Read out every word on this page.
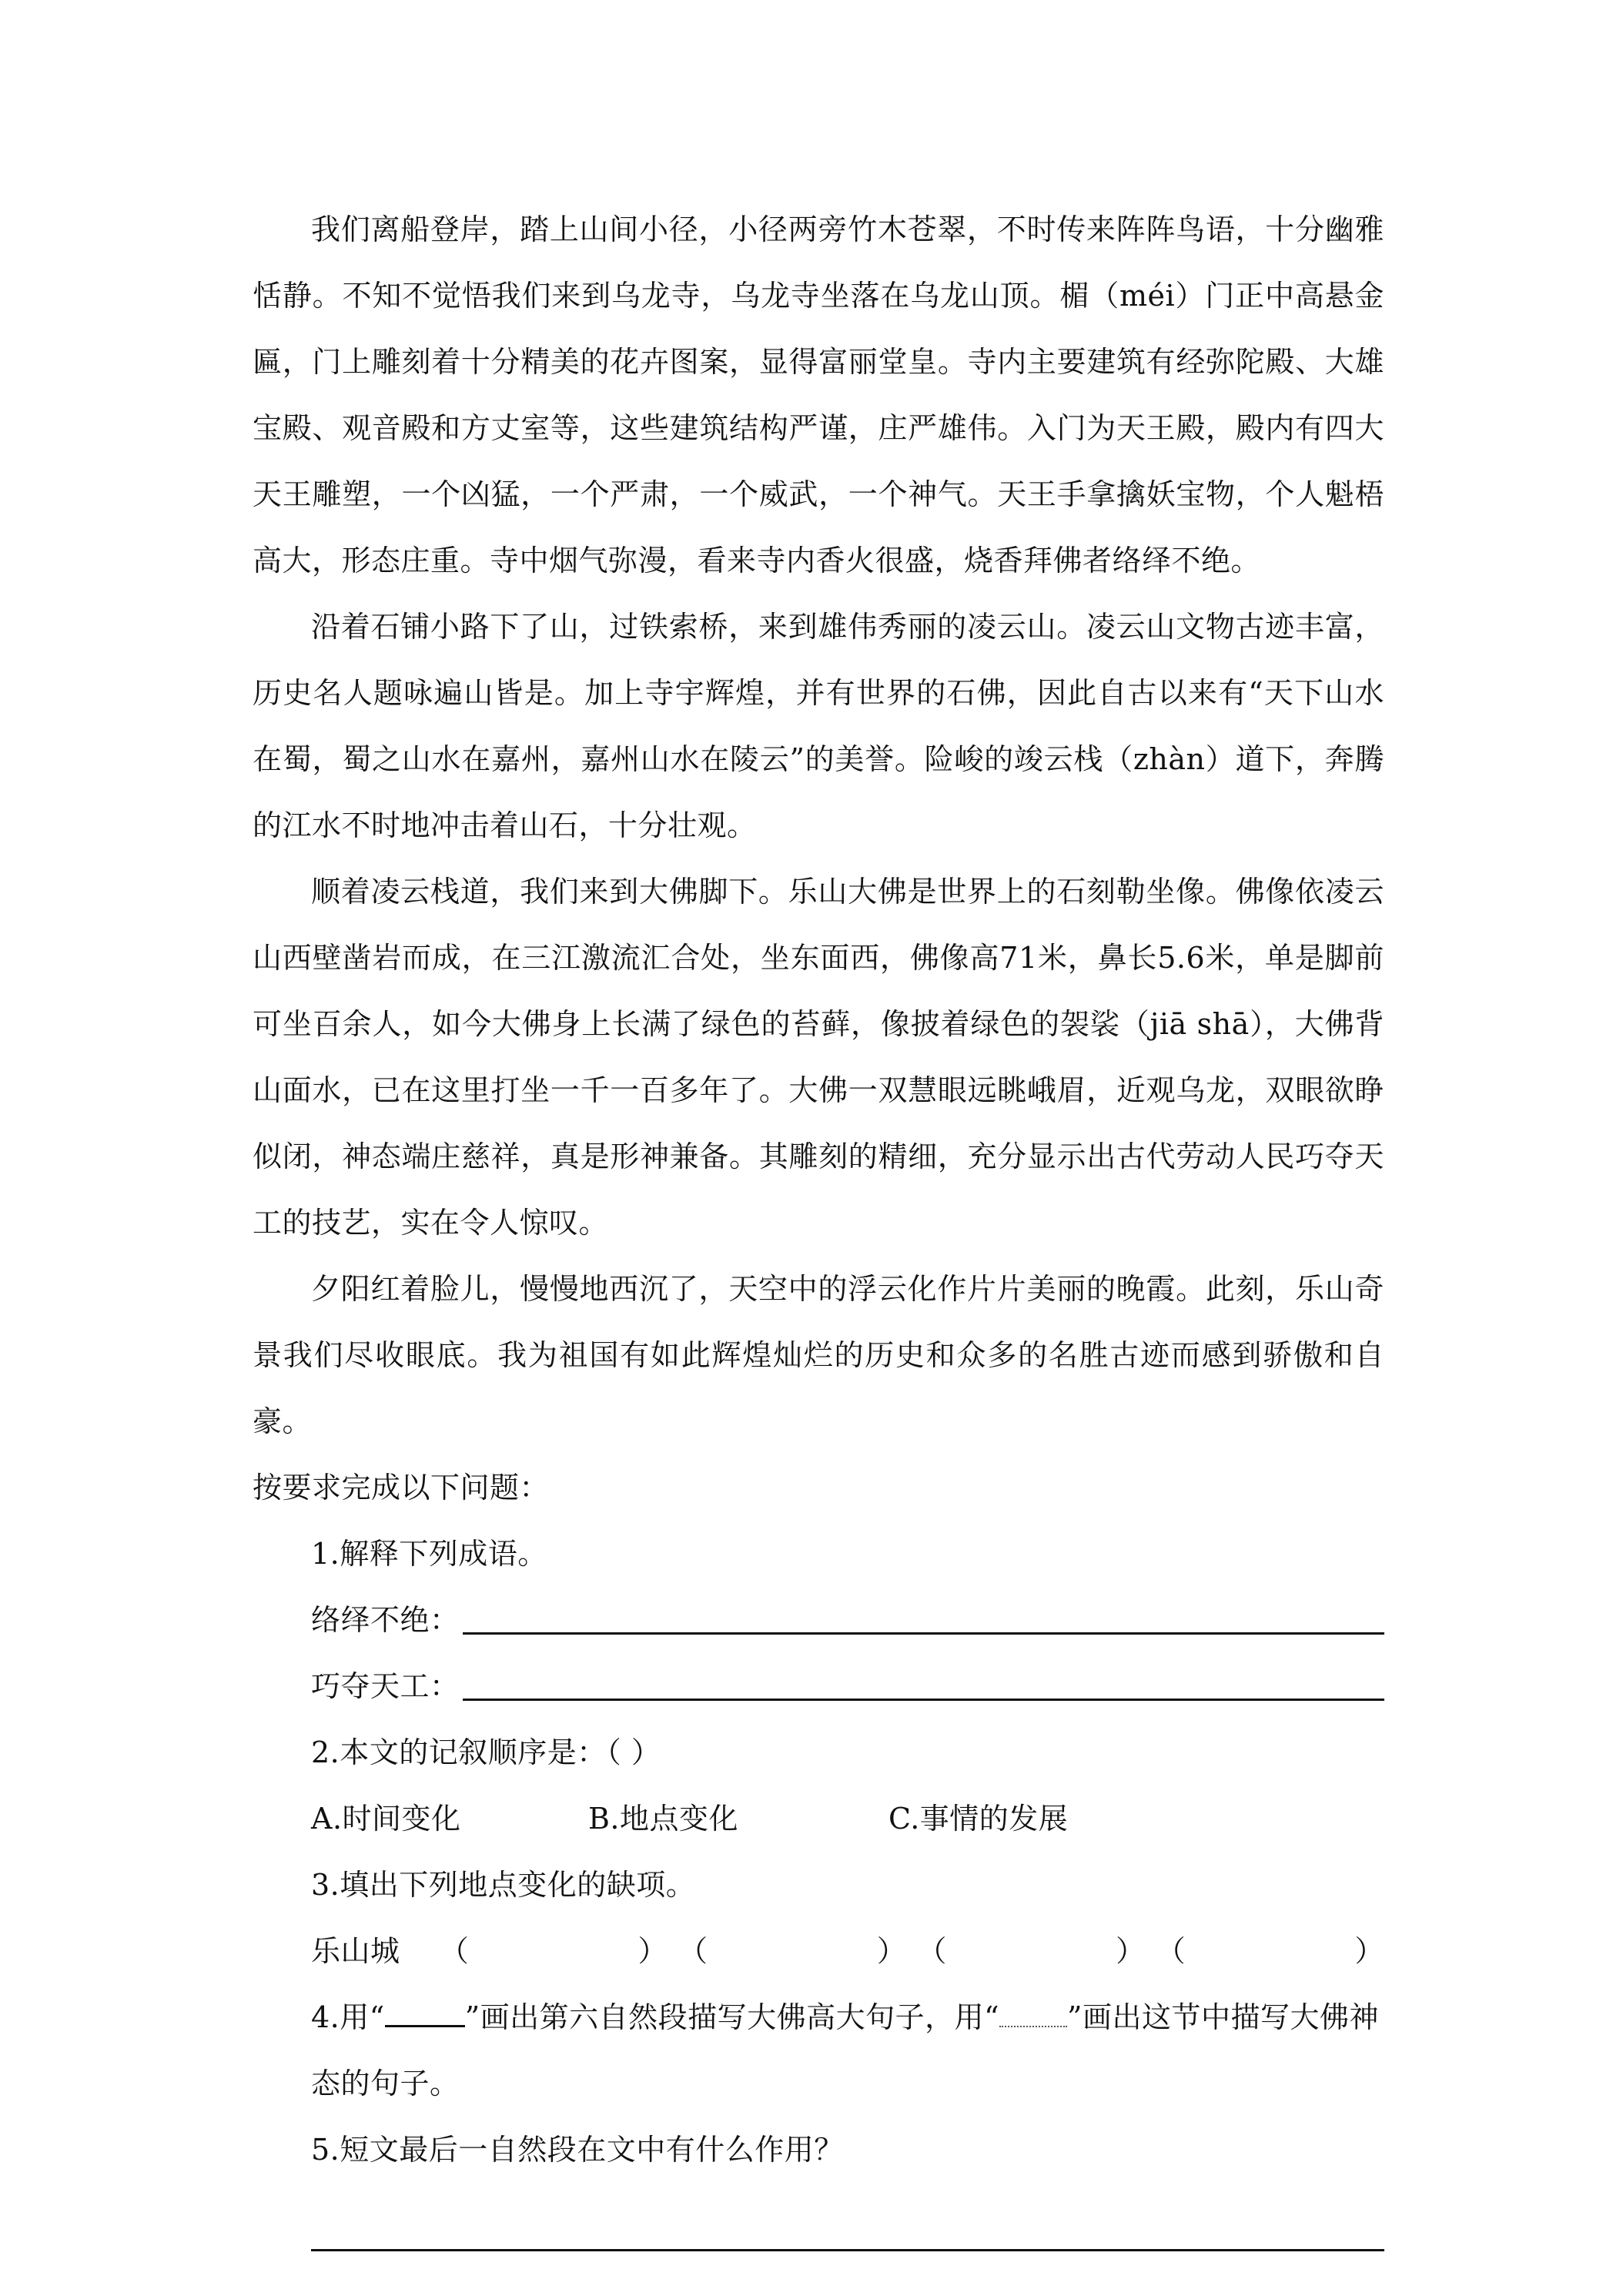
我们离船登岸，踏上山间小径，小径两旁竹木苍翠，不时传来阵阵鸟语，十分幽雅恬静。不知不觉悟我们来到乌龙寺，乌龙寺坐落在乌龙山顶。楣（méi）门正中高悬金匾，门上雕刻着十分精美的花卉图案，显得富丽堂皇。寺内主要建筑有经弥陀殿、大雄宝殿、观音殿和方丈室等，这些建筑结构严谨，庄严雄伟。入门为天王殿，殿内有四大天王雕塑，一个凶猛，一个严肃，一个威武，一个神气。天王手拿擒妖宝物，个人魁梧高大，形态庄重。寺中烟气弥漫，看来寺内香火很盛，烧香拜佛者络绎不绝。

沿着石铺小路下了山，过铁索桥，来到雄伟秀丽的凌云山。凌云山文物古迹丰富，历史名人题咏遍山皆是。加上寺宇辉煌，并有世界的石佛，因此自古以来有“天下山水在蜀，蜀之山水在嘉州，嘉州山水在陵云”的美誉。险峻的竣云栈（zhàn）道下，奔腾的江水不时地冲击着山石，十分壮观。

顺着凌云栈道，我们来到大佛脚下。乐山大佛是世界上的石刻勒坐像。佛像依凌云山西壁凿岩而成，在三江激流汇合处，坐东面西，佛像高71米，鼻长5.6米，单是脚前可坐百余人，如今大佛身上长满了绿色的苔藓，像披着绿色的袈裟（jiā shā），大佛背山面水，已在这里打坐一千一百多年了。大佛一双慧眼远眺峨眉，近观乌龙，双眼欲睁似闭，神态端庄慈祥，真是形神兼备。其雕刻的精细，充分显示出古代劳动人民巧夺天工的技艺，实在令人惊叹。

夕阳红着脸儿，慢慢地西沉了，天空中的浮云化作片片美丽的晚霞。此刻，乐山奇景我们尽收眼底。我为祖国有如此辉煌灿烂的历史和众多的名胜古迹而感到骄傲和自豪。

按要求完成以下问题：

1.解释下列成语。

络绎不绝：
巧夺天工：

2.本文的记叙顺序是：（ ）

A.时间变化	B.地点变化	C.事情的发展

3.填出下列地点变化的缺项。

乐山城	（	） （	） （	） （	）

4.用“	”画出第六自然段描写大佛高大句子，用“ ”画出这节中描写大佛神态的句子。

5.短文最后一自然段在文中有什么作用？
